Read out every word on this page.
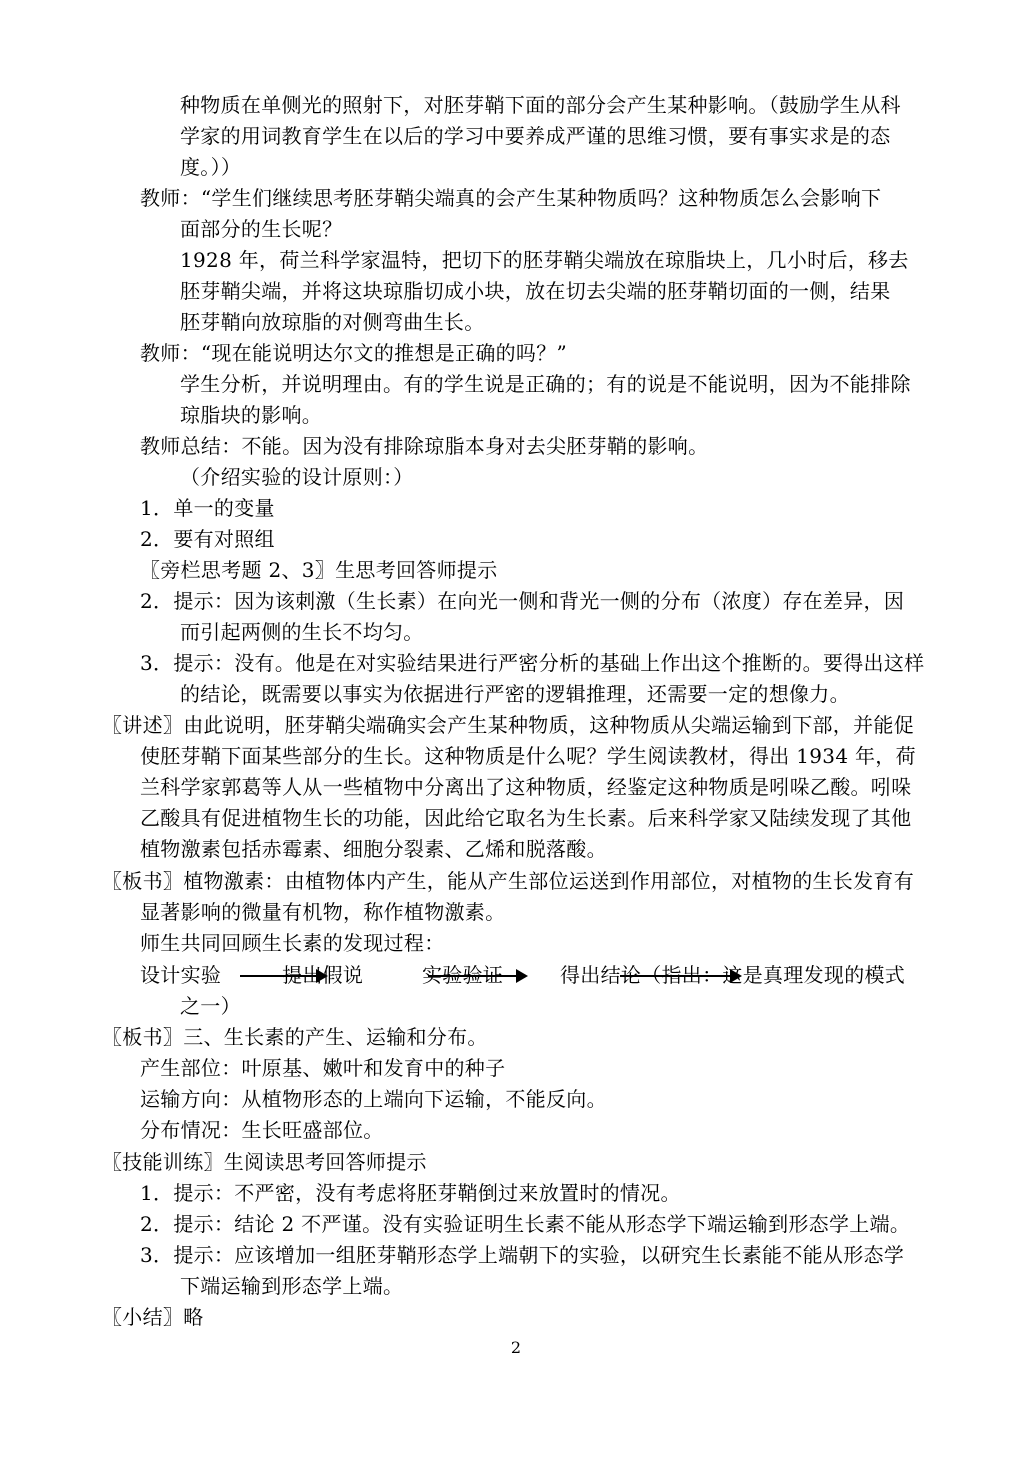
种物质在单侧光的照射下，对胚芽鞘下面的部分会产生某种影响。（鼓励学生从科
学家的用词教育学生在以后的学习中要养成严谨的思维习惯，要有事实求是的态
度。））
教师：“学生们继续思考胚芽鞘尖端真的会产生某种物质吗？这种物质怎么会影响下
面部分的生长呢？
1928 年，荷兰科学家温特，把切下的胚芽鞘尖端放在琼脂块上，几小时后，移去
胚芽鞘尖端，并将这块琼脂切成小块，放在切去尖端的胚芽鞘切面的一侧，结果
胚芽鞘向放琼脂的对侧弯曲生长。
教师：“现在能说明达尔文的推想是正确的吗？”
学生分析，并说明理由。有的学生说是正确的；有的说是不能说明，因为不能排除
琼脂块的影响。
教师总结：不能。因为没有排除琼脂本身对去尖胚芽鞘的影响。
（介绍实验的设计原则：）
1．单一的变量
2．要有对照组
〖旁栏思考题 2、3〗生思考回答师提示
2．提示：因为该刺激（生长素）在向光一侧和背光一侧的分布（浓度）存在差异，因
而引起两侧的生长不均匀。
3．提示：没有。他是在对实验结果进行严密分析的基础上作出这个推断的。要得出这样
的结论，既需要以事实为依据进行严密的逻辑推理，还需要一定的想像力。
〖讲述〗由此说明，胚芽鞘尖端确实会产生某种物质，这种物质从尖端运输到下部，并能促
使胚芽鞘下面某些部分的生长。这种物质是什么呢？学生阅读教材，得出 1934 年，荷
兰科学家郭葛等人从一些植物中分离出了这种物质，经鉴定这种物质是吲哚乙酸。吲哚
乙酸具有促进植物生长的功能，因此给它取名为生长素。后来科学家又陆续发现了其他
植物激素包括赤霉素、细胞分裂素、乙烯和脱落酸。
〖板书〗植物激素：由植物体内产生，能从产生部位运送到作用部位，对植物的生长发育有
显著影响的微量有机物，称作植物激素。
师生共同回顾生长素的发现过程：
设计实验	提出假说	实验验证	得出结论（指出：这是真理发现的模式
之一）
〖板书〗三、生长素的产生、运输和分布。
产生部位：叶原基、嫩叶和发育中的种子
运输方向：从植物形态的上端向下运输，不能反向。
分布情况：生长旺盛部位。
〖技能训练〗生阅读思考回答师提示
1．提示：不严密，没有考虑将胚芽鞘倒过来放置时的情况。
2．提示：结论 2 不严谨。没有实验证明生长素不能从形态学下端运输到形态学上端。
3．提示：应该增加一组胚芽鞘形态学上端朝下的实验，以研究生长素能不能从形态学
下端运输到形态学上端。
〖小结〗略
2
